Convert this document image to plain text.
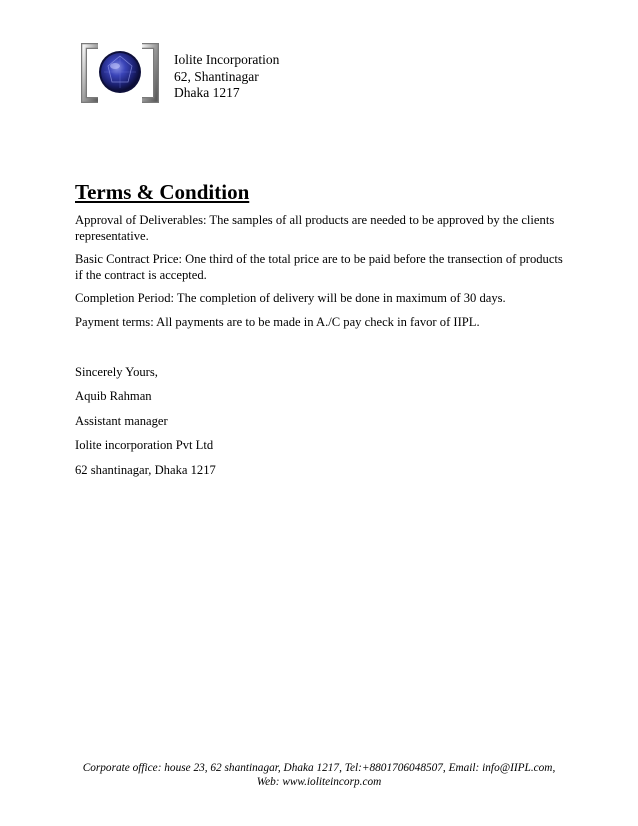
Iolite Incorporation
62, Shantinagar
Dhaka 1217
Terms & Condition

Approval of Deliverables: The samples of all products are needed to be approved by the clients representative.

Basic Contract Price: One third of the total price are to be paid before the transection of products if the contract is accepted.

Completion Period: The completion of delivery will be done in maximum of 30 days.

Payment terms: All payments are to be made in A./C pay check in favor of IIPL.

Sincerely Yours,
Aquib Rahman
Assistant manager
Iolite incorporation Pvt Ltd
62 shantinagar, Dhaka 1217
Corporate office: house 23, 62 shantinagar, Dhaka 1217, Tel:+8801706048507, Email: info@IIPL.com,
Web: www.ioliteincorp.com
